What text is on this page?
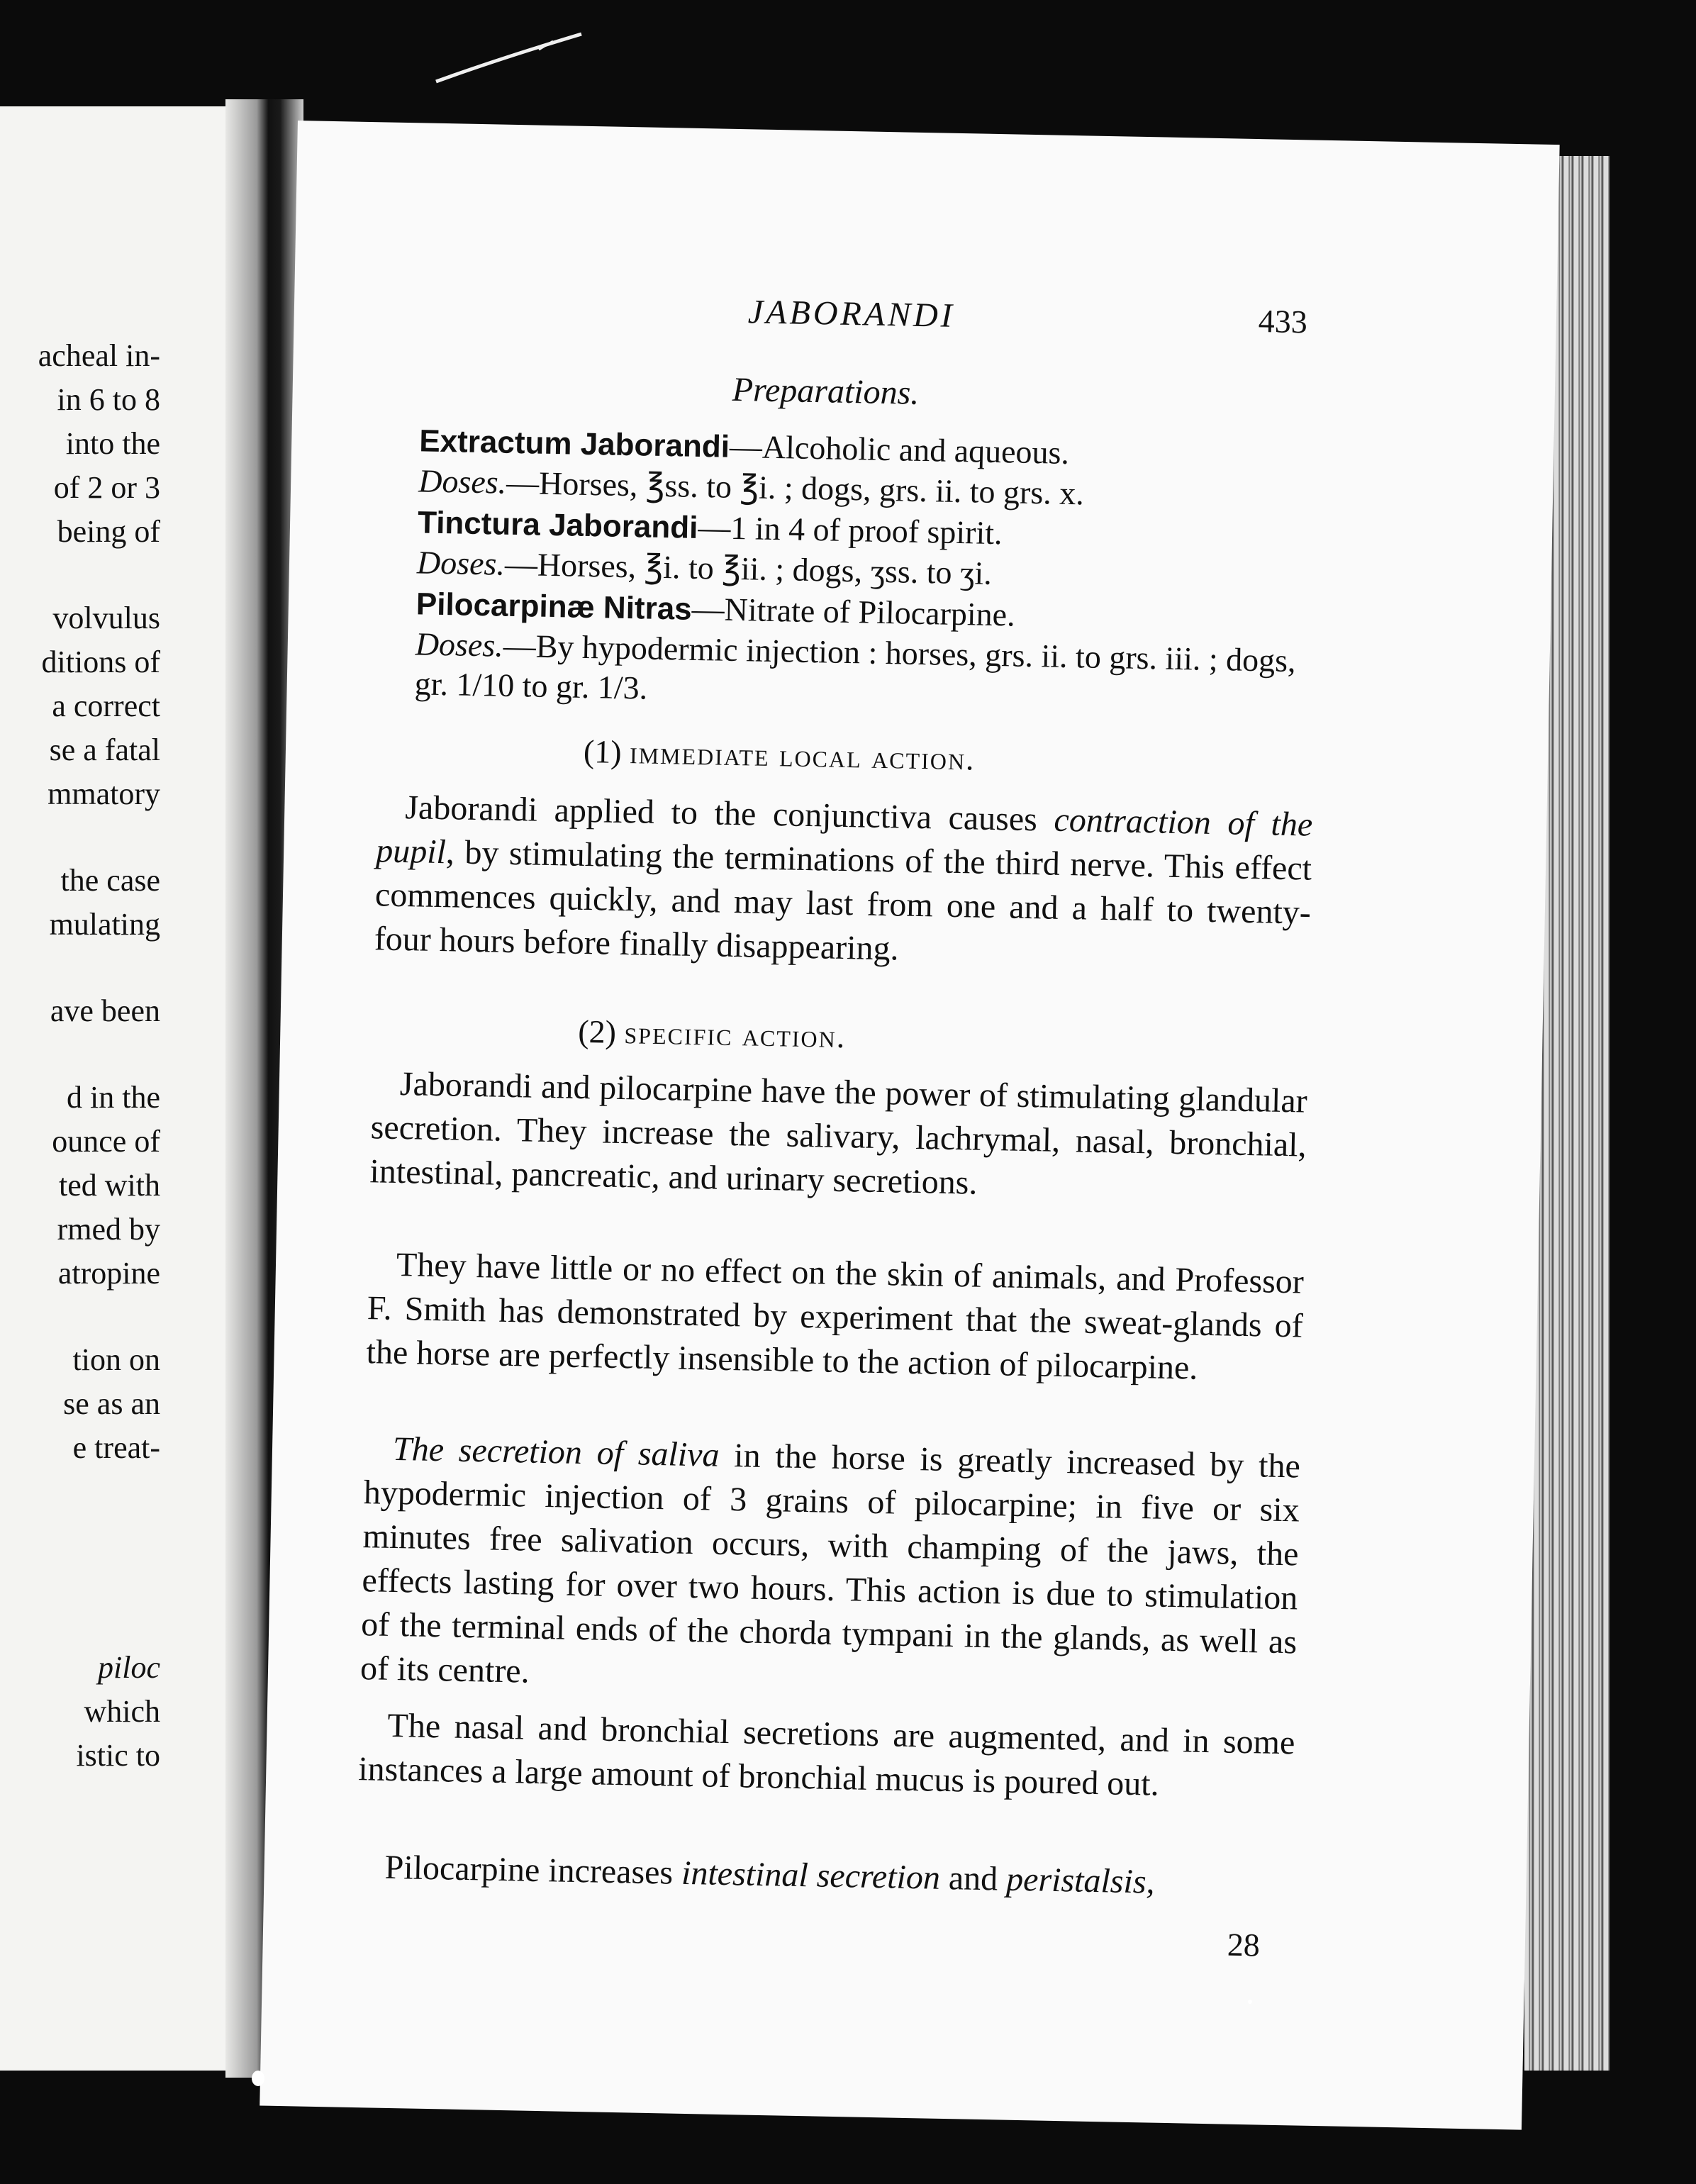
acheal in-
in 6 to 8
into the
of 2 or 3
being of
volvulus
ditions of
a correct
se a fatal
mmatory
the case
mulating
ave been
d in the
ounce of
ted with
rmed by
atropine
tion on
se as an
e treat-
piloc
which
istic to
JABORANDI	433
Preparations.
Extractum Jaborandi—Alcoholic and aqueous.
Doses.—Horses, ℥ss. to ℥i. ; dogs, grs. ii. to grs. x.
Tinctura Jaborandi—1 in 4 of proof spirit.
Doses.—Horses, ℥i. to ℥ii. ; dogs, ʒss. to ʒi.
Pilocarpinæ Nitras—Nitrate of Pilocarpine.
Doses.—By hypodermic injection : horses, grs. ii. to grs. iii. ; dogs, gr. 1/10 to gr. 1/3.
(1) immediate local action.
Jaborandi applied to the conjunctiva causes contraction of the pupil, by stimulating the terminations of the third nerve. This effect commences quickly, and may last from one and a half to twenty-four hours before finally disappearing.
(2) specific action.
Jaborandi and pilocarpine have the power of stimulating glandular secretion. They increase the salivary, lachrymal, nasal, bronchial, intestinal, pancreatic, and urinary secretions.
They have little or no effect on the skin of animals, and Professor F. Smith has demonstrated by experiment that the sweat-glands of the horse are perfectly insensible to the action of pilocarpine.
The secretion of saliva in the horse is greatly increased by the hypodermic injection of 3 grains of pilocarpine; in five or six minutes free salivation occurs, with champing of the jaws, the effects lasting for over two hours. This action is due to stimulation of the terminal ends of the chorda tympani in the glands, as well as of its centre.
The nasal and bronchial secretions are augmented, and in some instances a large amount of bronchial mucus is poured out.
Pilocarpine increases intestinal secretion and peristalsis,
28
